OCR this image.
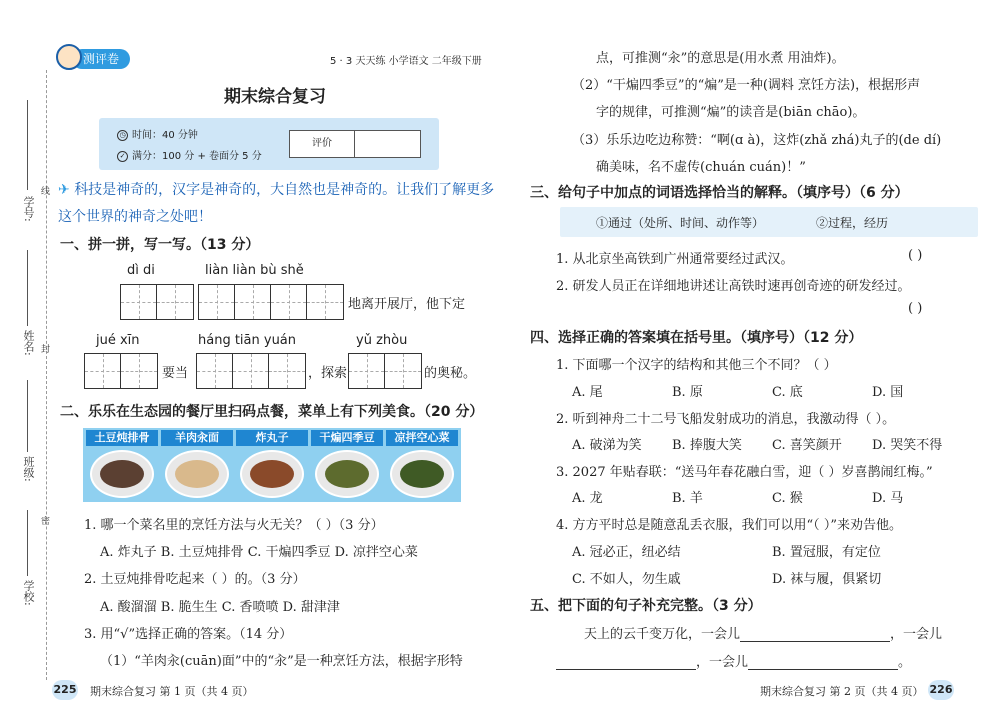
学号:
姓名:
班级:
学校:
线
封
密
测评卷	5 · 3 天天练 小学语文 二年级下册
期末综合复习
◷ 时间：40 分钟
✓ 满分：100 分 + 卷面分 5 分
评价
✈ 科技是神奇的，汉字是神奇的，大自然也是神奇的。让我们了解更多这个世界的神奇之处吧！
一、拼一拼，写一写。（13 分）
dì di	liàn liàn bù shě
地离开展厅，他下定
jué xīn	háng tiān yuán	yǔ zhòu
要当	，探索	的奥秘。
二、乐乐在生态园的餐厅里扫码点餐，菜单上有下列美食。（20 分）
土豆炖排骨	羊肉汆面	炸丸子	干煸四季豆	凉拌空心菜
1. 哪一个菜名里的烹饪方法与火无关？（ ）（3 分）
A. 炸丸子 B. 土豆炖排骨 C. 干煸四季豆 D. 凉拌空心菜
2. 土豆炖排骨吃起来（ ）的。（3 分）
A. 酸溜溜 B. 脆生生 C. 香喷喷 D. 甜津津
3. 用“√”选择正确的答案。（14 分）
（1）“羊肉汆(cuān)面”中的“汆”是一种烹饪方法，根据字形特
225 期末综合复习 第 1 页（共 4 页）
点，可推测“汆”的意思是(用水煮 用油炸)。
（2）“干煸四季豆”的“煸”是一种(调料 烹饪方法)，根据形声
字的规律，可推测“煸”的读音是(biān chāo)。
（3）乐乐边吃边称赞：“啊(ɑ à)，这炸(zhǎ zhá)丸子的(de dí)
确美味，名不虚传(chuán cuán)！”
三、给句子中加点的词语选择恰当的解释。（填序号）（6 分）
①通过（处所、时间、动作等）	②过程，经历
1. 从北京坐高铁到广州通常要经过武汉。	( )
2. 研发人员正在详细地讲述让高铁时速再创奇迹的研发经过。
( )
四、选择正确的答案填在括号里。（填序号）（12 分）
1. 下面哪一个汉字的结构和其他三个不同？（ ）
A. 尾	B. 原	C. 底	D. 国
2. 听到神舟二十二号飞船发射成功的消息，我激动得（ ）。
A. 破涕为笑 B. 捧腹大笑 C. 喜笑颜开 D. 哭笑不得
3. 2027 年贴春联：“送马年春花融白雪，迎（ ）岁喜鹊闹红梅。”
A. 龙	B. 羊	C. 猴	D. 马
4. 方方平时总是随意乱丢衣服，我们可以用“（ ）”来劝告他。
A. 冠必正，纽必结	B. 置冠服，有定位
C. 不如人，勿生戚	D. 袜与履，俱紧切
五、把下面的句子补充完整。（3 分）
天上的云千变万化，一会儿	，一会儿
，一会儿	。
期末综合复习 第 2 页（共 4 页） 226
